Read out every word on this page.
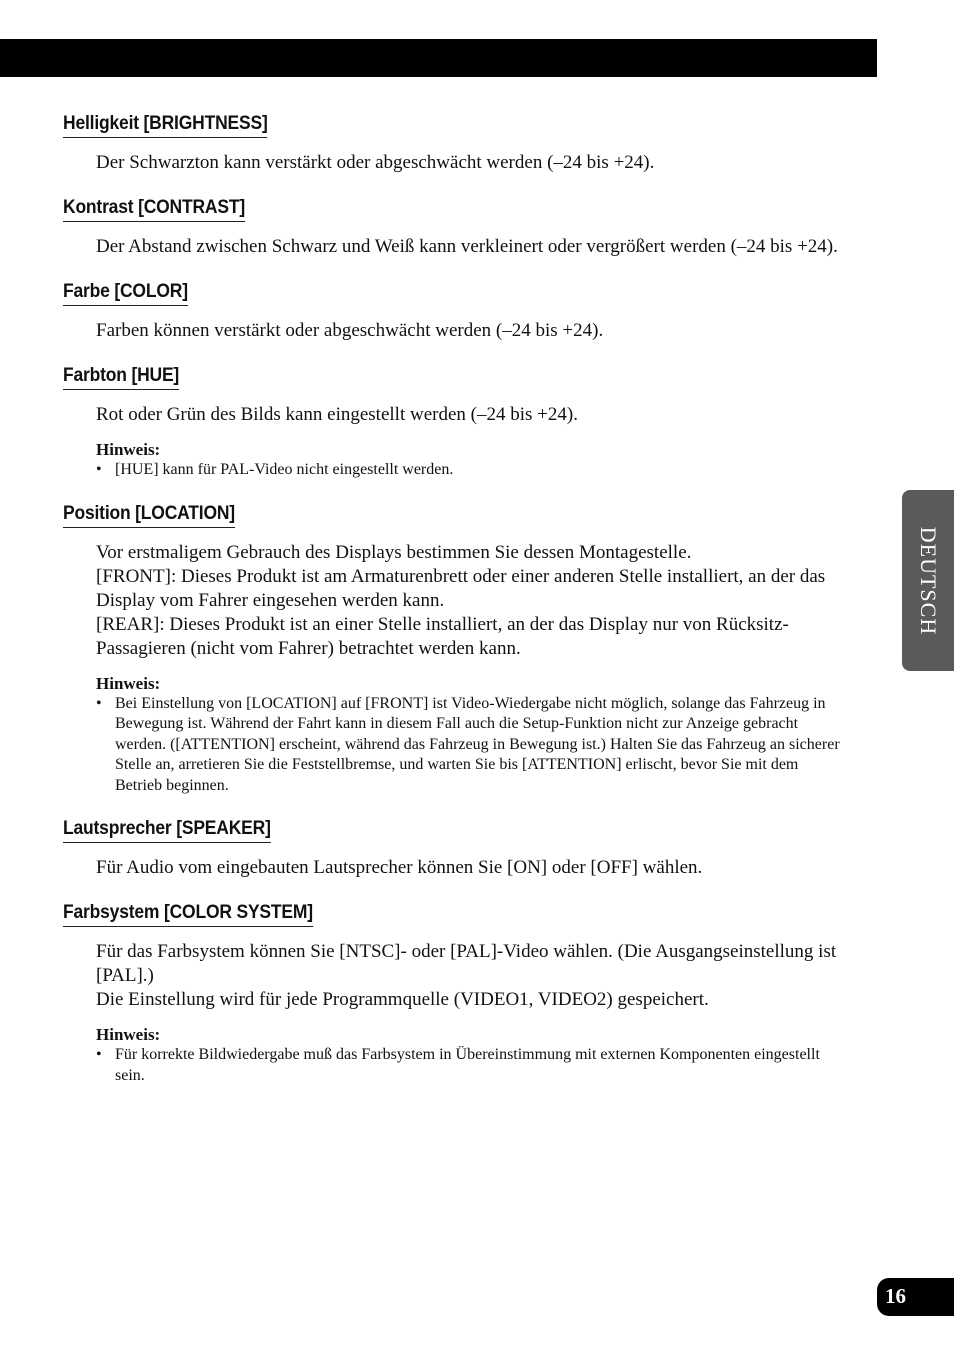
Helligkeit [BRIGHTNESS]

Der Schwarzton kann verstärkt oder abgeschwächt werden (–24 bis +24).

Kontrast [CONTRAST]

Der Abstand zwischen Schwarz und Weiß kann verkleinert oder vergrößert werden (–24 bis +24).

Farbe [COLOR]

Farben können verstärkt oder abgeschwächt werden (–24 bis +24).

Farbton [HUE]

Rot oder Grün des Bilds kann eingestellt werden (–24 bis +24).

Hinweis:
• [HUE] kann für PAL-Video nicht eingestellt werden.
Position [LOCATION]

Vor erstmaligem Gebrauch des Displays bestimmen Sie dessen Montagestelle.

[FRONT]: Dieses Produkt ist am Armaturenbrett oder einer anderen Stelle installiert, an der das Display vom Fahrer eingesehen werden kann.

[REAR]: Dieses Produkt ist an einer Stelle installiert, an der das Display nur von Rücksitz-Passagieren (nicht vom Fahrer) betrachtet werden kann.

Hinweis:
• Bei Einstellung von [LOCATION] auf [FRONT] ist Video-Wiedergabe nicht möglich, solange das Fahrzeug in Bewegung ist. Während der Fahrt kann in diesem Fall auch die Setup-Funktion nicht zur Anzeige gebracht werden. ([ATTENTION] erscheint, während das Fahrzeug in Bewegung ist.) Halten Sie das Fahrzeug an sicherer Stelle an, arretieren Sie die Feststellbremse, und warten Sie bis [ATTENTION] erlischt, bevor Sie mit dem Betrieb beginnen.
Lautsprecher [SPEAKER]

Für Audio vom eingebauten Lautsprecher können Sie [ON] oder [OFF] wählen.

Farbsystem [COLOR SYSTEM]

Für das Farbsystem können Sie [NTSC]- oder [PAL]-Video wählen. (Die Ausgangseinstellung ist [PAL].)

Die Einstellung wird für jede Programmquelle (VIDEO1, VIDEO2) gespeichert.

Hinweis:
• Für korrekte Bildwiedergabe muß das Farbsystem in Übereinstimmung mit externen Komponenten eingestellt sein.
DEUTSCH
16
